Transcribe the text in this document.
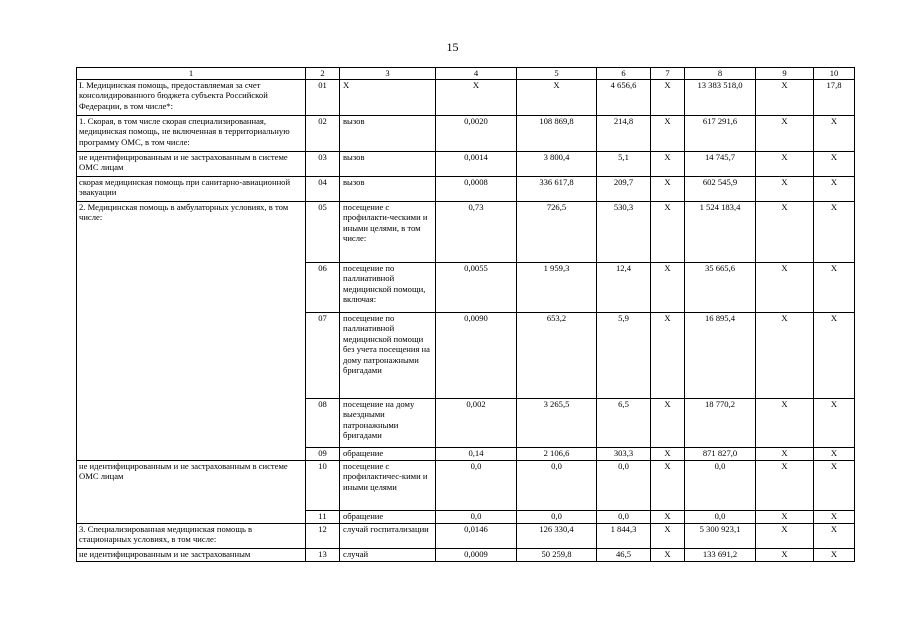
15
1	2	3	4	5	6	7	8	9	10
I. Медицинская помощь, предоставляемая за счет консолидированного бюджета субъекта Российской Федерации, в том числе*:	01	Х	Х	Х	4 656,6	Х	13 383 518,0	Х	17,8
1. Скорая, в том числе скорая специализированная, медицинская помощь, не включенная в территориальную программу ОМС, в том числе:	02	вызов	0,0020	108 869,8	214,8	Х	617 291,6	Х	Х
не идентифицированным и не застрахованным в системе ОМС лицам	03	вызов	0,0014	3 800,4	5,1	Х	14 745,7	Х	Х
скорая медицинская помощь при санитарно-авиационной эвакуации	04	вызов	0,0008	336 617,8	209,7	Х	602 545,9	Х	Х
2. Медицинская помощь в амбулаторных условиях, в том числе:	05	посещение с профилакти-ческими и иными целями, в том числе:	0,73	726,5	530,3	Х	1 524 183,4	Х	Х
	06	посещение по паллиативной медицинской помощи, включая:	0,0055	1 959,3	12,4	Х	35 665,6	Х	Х
	07	посещение по паллиативной медицинской помощи без учета посещения на дому патронажными бригадами	0,0090	653,2	5,9	Х	16 895,4	Х	Х
	08	посещение на дому выездными патронажными бригадами	0,002	3 265,5	6,5	Х	18 770,2	Х	Х
	09	обращение	0,14	2 106,6	303,3	Х	871 827,0	Х	Х
не идентифицированным и не застрахованным в системе ОМС лицам	10	посещение с профилактичес-кими и иными целями	0,0	0,0	0,0	Х	0,0	Х	Х
	11	обращение	0,0	0,0	0,0	Х	0,0	Х	Х
3. Специализированная медицинская помощь в стационарных условиях, в том числе:	12	случай госпитализации	0,0146	126 330,4	1 844,3	Х	5 300 923,1	Х	Х
не идентифицированным и не застрахованным	13	случай	0,0009	50 259,8	46,5	Х	133 691,2	Х	Х
